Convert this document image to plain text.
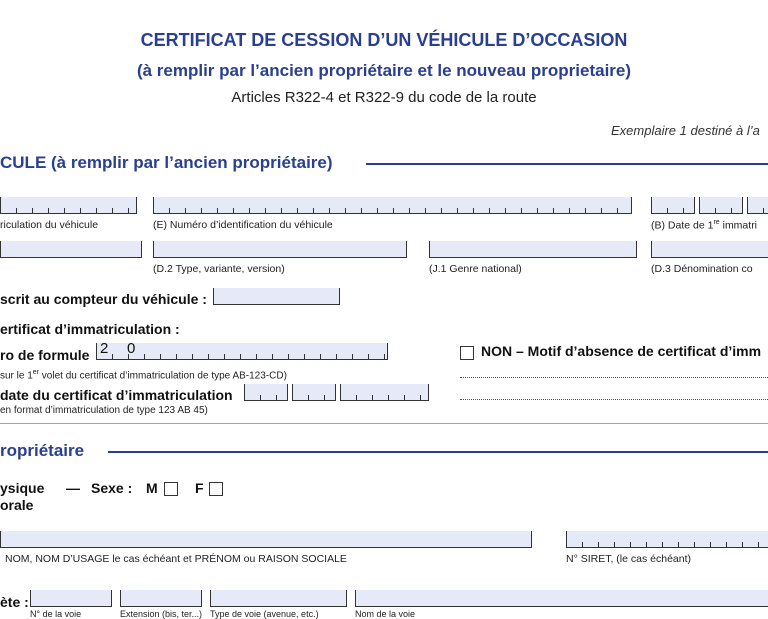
CERTIFICAT DE CESSION D’UN VÉHICULE D’OCCASION
(à remplir par l’ancien propriétaire et le nouveau proprietaire)
Articles R322-4 et R322-9 du code de la route
Exemplaire 1 destiné à l’a
CULE (à remplir par l’ancien propriétaire)
riculation du véhicule	(E) Numéro d’identification du véhicule	(B) Date de 1re immatri
(D.2 Type, variante, version)	(J.1 Genre national)	(D.3 Dénomination co
scrit au compteur du véhicule :
ertificat d’immatriculation :
ro de formule 2 0
sur le 1er volet du certificat d’immatriculation de type AB-123-CD)
date du certificat d’immatriculation
en format d’immatriculation de type 123 AB 45)
NON – Motif d’absence de certificat d’imm
ropriétaire
ysique — Sexe : M	F
orale
NOM, NOM D’USAGE le cas échéant et PRÉNOM ou RAISON SOCIALE	N° SIRET, (le cas échéant)
ète :
N° de la voie	Extension (bis, ter...) Type de voie (avenue, etc.)	Nom de la voie
